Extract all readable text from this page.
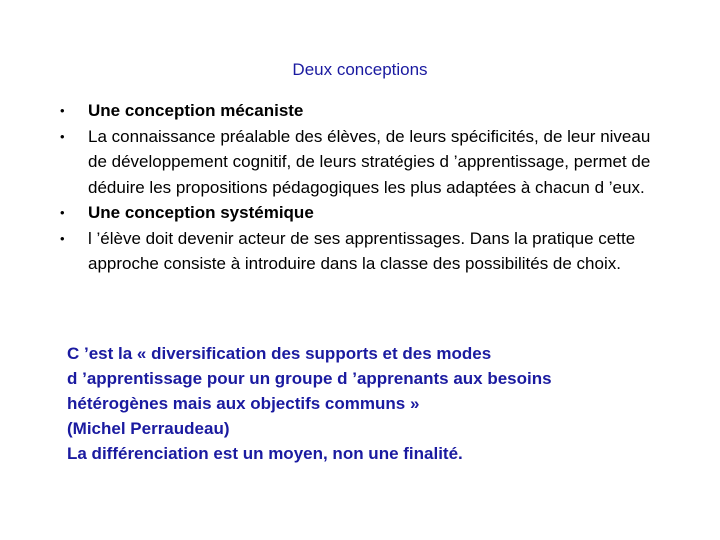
Deux conceptions
•	Une conception mécaniste
•	La connaissance préalable des élèves, de leurs spécificités, de leur niveau de développement cognitif, de leurs stratégies d ’apprentissage, permet de déduire les propositions pédagogiques les plus adaptées à chacun d ’eux.
•	Une conception systémique
•	l ’élève doit devenir acteur de ses apprentissages. Dans la pratique cette approche consiste à introduire dans la classe des possibilités de choix.
C ’est la « diversification des supports et des modes
d ’apprentissage pour un groupe d ’apprenants aux besoins
hétérogènes mais aux objectifs communs »
(Michel Perraudeau)
La différenciation est un moyen, non une finalité.
